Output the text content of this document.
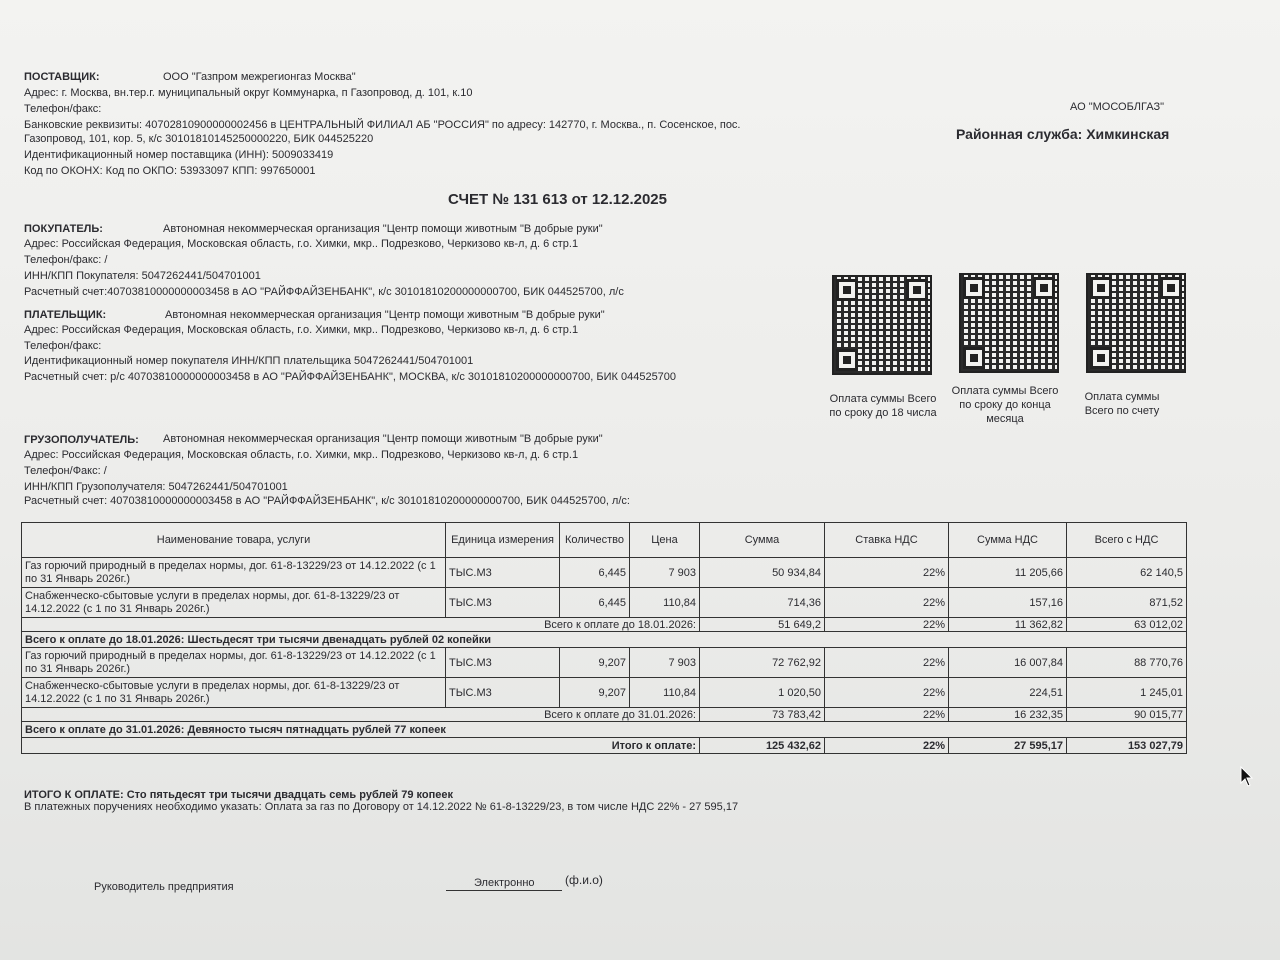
ПОСТАВЩИК:	ООО "Газпром межрегионгаз Москва"
Адрес: г. Москва, вн.тер.г. муниципальный округ Коммунарка, п Газопровод, д. 101, к.10
Телефон/факс:
Банковские реквизиты: 40702810900000002456 в ЦЕНТРАЛЬНЫЙ ФИЛИАЛ АБ "РОССИЯ" по адресу: 142770, г. Москва., п. Сосенское, пос.
Газопровод, 101, кор. 5, к/с 30101810145250000220, БИК 044525220
Идентификационный номер поставщика (ИНН): 5009033419
Код по ОКОНХ: Код по ОКПО: 53933097 КПП: 997650001
АО "МОСОБЛГАЗ"
Районная служба: Химкинская
СЧЕТ № 131 613 от 12.12.2025
ПОКУПАТЕЛЬ:	Автономная некоммерческая организация "Центр помощи животным "В добрые руки"
Адрес: Российская Федерация, Московская область, г.о. Химки, мкр.. Подрезково, Черкизово кв-л, д. 6 стр.1
Телефон/факс: /
ИНН/КПП Покупателя: 5047262441/504701001
Расчетный счет:40703810000000003458 в АО "РАЙФФАЙЗЕНБАНК", к/с 30101810200000000700, БИК 044525700, л/с
ПЛАТЕЛЬЩИК:	Автономная некоммерческая организация "Центр помощи животным "В добрые руки"
Адрес: Российская Федерация, Московская область, г.о. Химки, мкр.. Подрезково, Черкизово кв-л, д. 6 стр.1
Телефон/факс:
Идентификационный номер покупателя ИНН/КПП плательщика 5047262441/504701001
Расчетный счет: р/с 40703810000000003458 в АО "РАЙФФАЙЗЕНБАНК", МОСКВА, к/с 30101810200000000700, БИК 044525700
ГРУЗОПОЛУЧАТЕЛЬ: Автономная некоммерческая организация "Центр помощи животным "В добрые руки"
Адрес: Российская Федерация, Московская область, г.о. Химки, мкр.. Подрезково, Черкизово кв-л, д. 6 стр.1
Телефон/Факс: /
ИНН/КПП Грузополучателя: 5047262441/504701001
Расчетный счет: 40703810000000003458 в АО "РАЙФФАЙЗЕНБАНК", к/с 30101810200000000700, БИК 044525700, л/с:
Оплата суммы Всего
по сроку до 18 числа
Оплата суммы Всего
по сроку до конца
месяца
Оплата суммы
Всего по счету
Наименование товара, услуги	Единица измерения	Количество	Цена	Сумма	Ставка НДС	Сумма НДС	Всего с НДС
Газ горючий природный в пределах нормы, дог. 61-8-13229/23 от 14.12.2022 (с 1 по 31 Январь 2026г.)	ТЫС.М3	6,445	7 903	50 934,84	22%	11 205,66	62 140,5
Снабженческо-сбытовые услуги в пределах нормы, дог. 61-8-13229/23 от 14.12.2022 (с 1 по 31 Январь 2026г.)	ТЫС.М3	6,445	110,84	714,36	22%	157,16	871,52
Всего к оплате до 18.01.2026:				51 649,2	22%	11 362,82	63 012,02
Всего к оплате до 18.01.2026: Шестьдесят три тысячи двенадцать рублей 02 копейки							
Газ горючий природный в пределах нормы, дог. 61-8-13229/23 от 14.12.2022 (с 1 по 31 Январь 2026г.)	ТЫС.М3	9,207	7 903	72 762,92	22%	16 007,84	88 770,76
Снабженческо-сбытовые услуги в пределах нормы, дог. 61-8-13229/23 от 14.12.2022 (с 1 по 31 Январь 2026г.)	ТЫС.М3	9,207	110,84	1 020,50	22%	224,51	1 245,01
Всего к оплате до 31.01.2026:				73 783,42	22%	16 232,35	90 015,77
Всего к оплате до 31.01.2026: Девяносто тысяч пятнадцать рублей 77 копеек							
Итого к оплате:				125 432,62	22%	27 595,17	153 027,79
ИТОГО К ОПЛАТЕ: Сто пятьдесят три тысячи двадцать семь рублей 79 копеек
В платежных поручениях необходимо указать: Оплата за газ по Договору от 14.12.2022 № 61-8-13229/23, в том числе НДС 22% - 27 595,17
Руководитель предприятия	Электронно	(ф.и.о)
